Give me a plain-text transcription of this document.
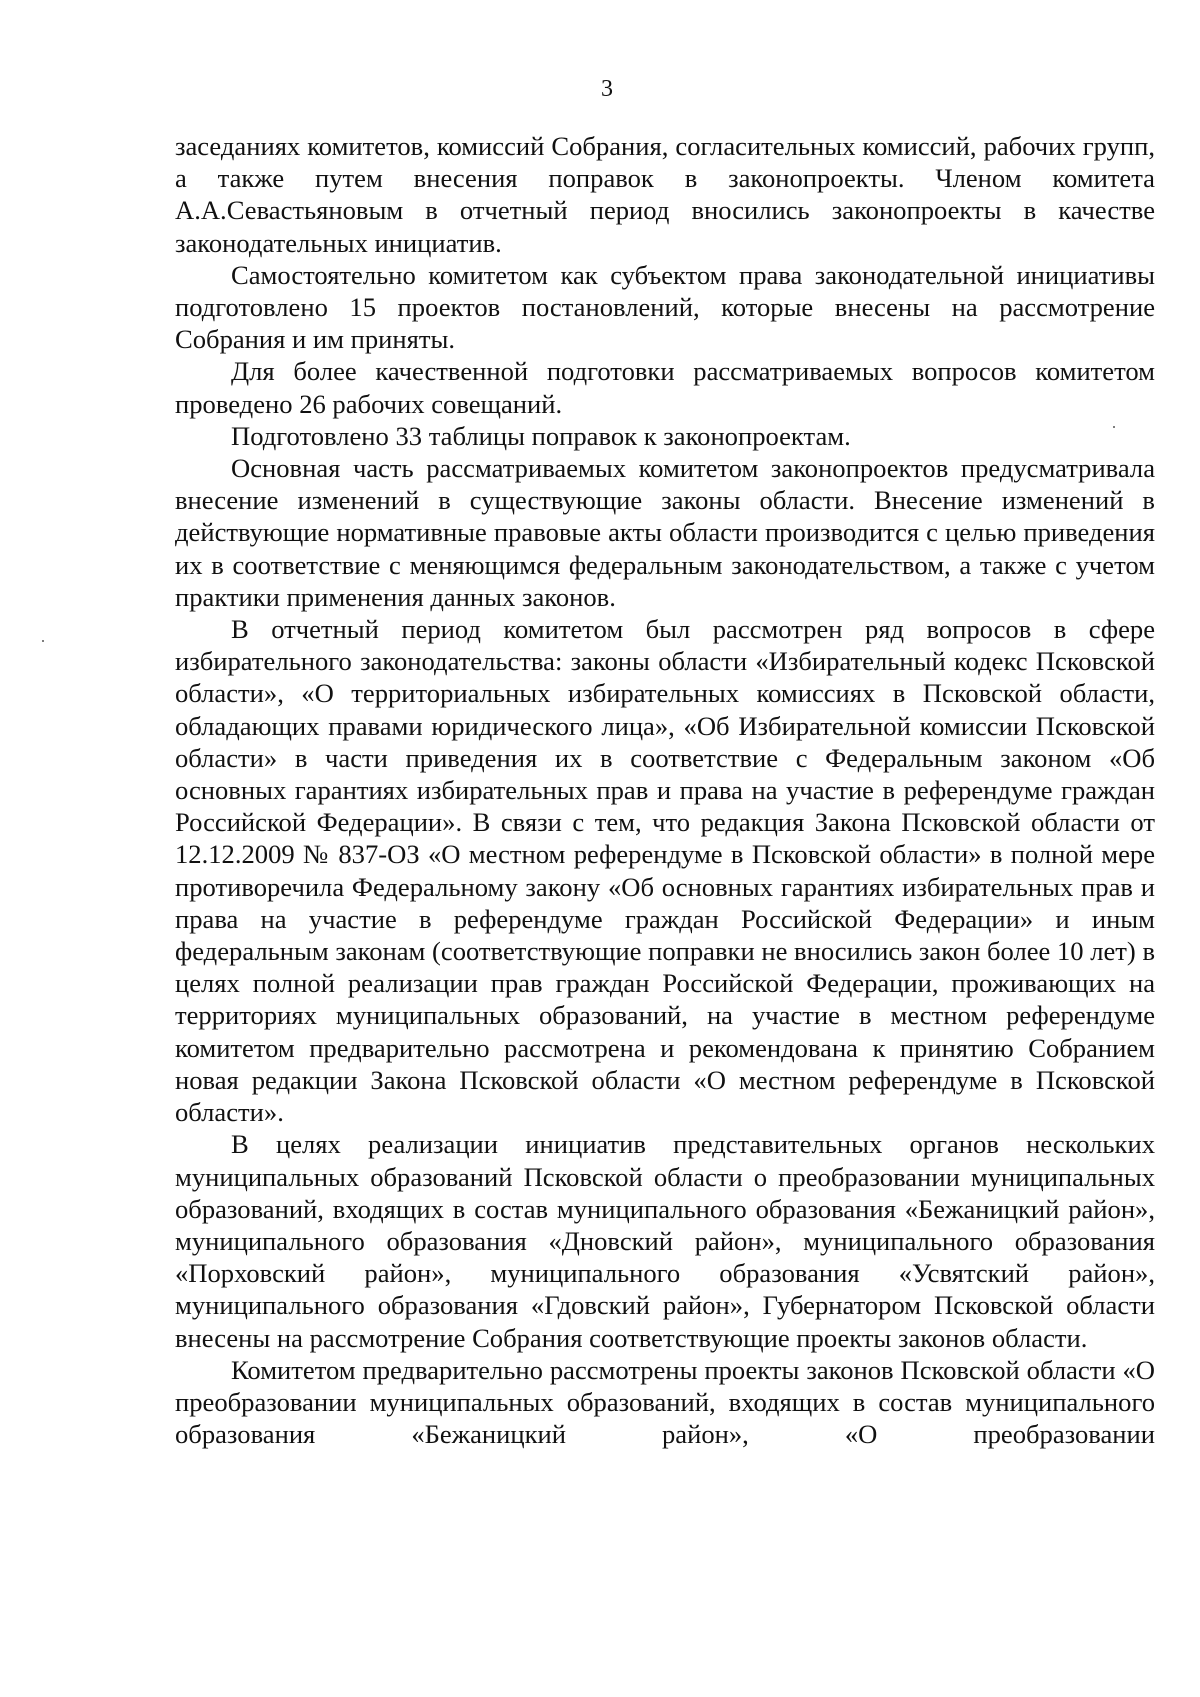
3

заседаниях комитетов, комиссий Собрания, согласительных комиссий, рабочих групп, а также путем внесения поправок в законопроекты. Членом комитета А.А.Севастьяновым в отчетный период вносились законопроекты в качестве законодательных инициатив.

Самостоятельно комитетом как субъектом права законодательной инициативы подготовлено 15 проектов постановлений, которые внесены на рассмотрение Собрания и им приняты.

Для более качественной подготовки рассматриваемых вопросов комитетом проведено 26 рабочих совещаний.

Подготовлено 33 таблицы поправок к законопроектам.

Основная часть рассматриваемых комитетом законопроектов предусматривала внесение изменений в существующие законы области. Внесение изменений в действующие нормативные правовые акты области производится с целью приведения их в соответствие с меняющимся федеральным законодательством, а также с учетом практики применения данных законов.

В отчетный период комитетом был рассмотрен ряд вопросов в сфере избирательного законодательства: законы области «Избирательный кодекс Псковской области», «О территориальных избирательных комиссиях в Псковской области, обладающих правами юридического лица», «Об Избирательной комиссии Псковской области» в части приведения их в соответствие с Федеральным законом «Об основных гарантиях избирательных прав и права на участие в референдуме граждан Российской Федерации». В связи с тем, что редакция Закона Псковской области от 12.12.2009 № 837-ОЗ «О местном референдуме в Псковской области» в полной мере противоречила Федеральному закону «Об основных гарантиях избирательных прав и права на участие в референдуме граждан Российской Федерации» и иным федеральным законам (соответствующие поправки не вносились закон более 10 лет) в целях полной реализации прав граждан Российской Федерации, проживающих на территориях муниципальных образований, на участие в местном референдуме комитетом предварительно рассмотрена и рекомендована к принятию Собранием новая редакции Закона Псковской области «О местном референдуме в Псковской области».

В целях реализации инициатив представительных органов нескольких муниципальных образований Псковской области о преобразовании муниципальных образований, входящих в состав муниципального образования «Бежаницкий район», муниципального образования «Дновский район», муниципального образования «Порховский район», муниципального образования «Усвятский район», муниципального образования «Гдовский район», Губернатором Псковской области внесены на рассмотрение Собрания соответствующие проекты законов области.

Комитетом предварительно рассмотрены проекты законов Псковской области «О преобразовании муниципальных образований, входящих в состав муниципального образования «Бежаницкий район», «О преобразовании
